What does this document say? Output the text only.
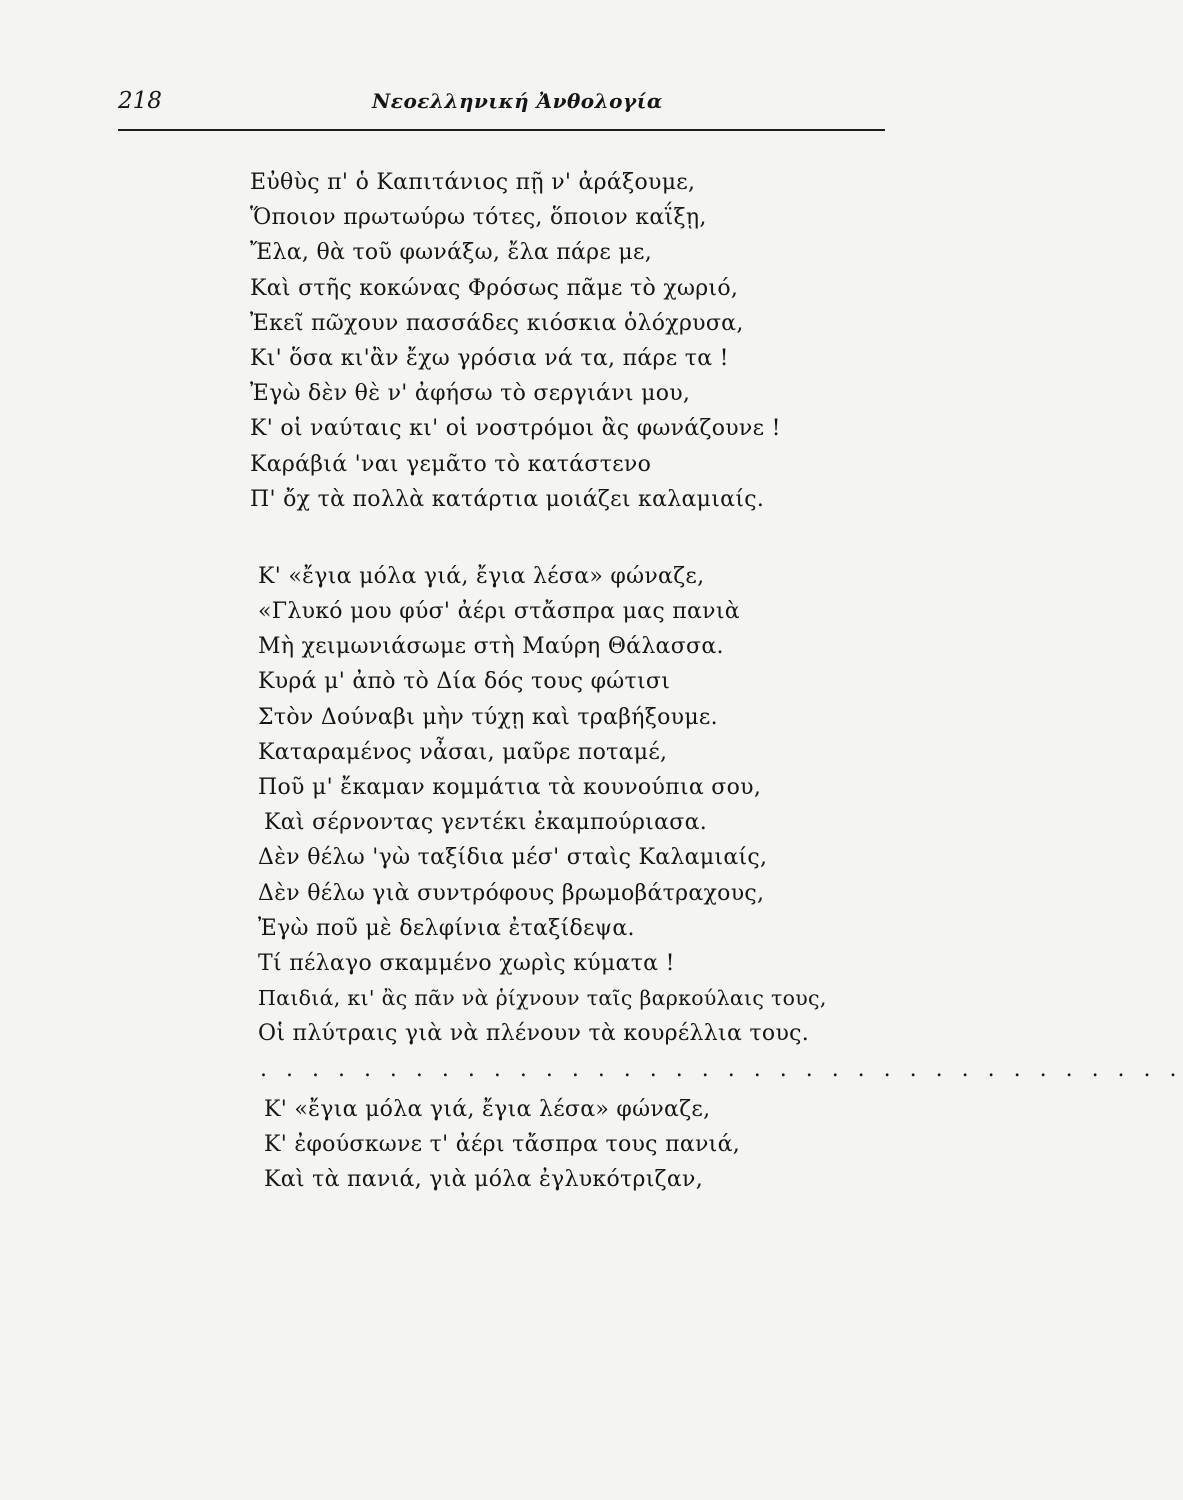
218	Νεοελληνική Ἀνθολογία
Εὐθὺς π' ὁ Καπιτάνιος πῇ ν' ἀράξουμε,
Ὅποιον πρωτωύρω τότες, ὅποιον καΐξῃ,
Ἔλα, θὰ τοῦ φωνάξω, ἔλα πάρε με,
Καὶ στῆς κοκώνας Φρόσως πᾶμε τὸ χωριό,
Ἐκεῖ πῶχουν πασσάδες κιόσκια ὁλόχρυσα,
Κι' ὅσα κι'ἂν ἔχω γρόσια νά τα, πάρε τα !
Ἐγὼ δὲν θὲ ν' ἀφήσω τὸ σεργιάνι μου,
Κ' οἱ ναύταις κι' οἱ νοστρόμοι ἂς φωνάζουνε !
Καράβιά 'ναι γεμᾶτο τὸ κατάστενο
Π' ὄχ τὰ πολλὰ κατάρτια μοιάζει καλαμιαίς.
Κ' «ἔγια μόλα γιά, ἔγια λέσα» φώναζε,
«Γλυκό μου φύσ' ἀέρι στἄσπρα μας πανιὰ
Μὴ χειμωνιάσωμε στὴ Μαύρη Θάλασσα.
Κυρά μ' ἀπὸ τὸ Δία δός τους φώτισι
Στὸν Δούναβι μὴν τύχῃ καὶ τραβήξουμε.
Καταραμένος νἆσαι, μαῦρε ποταμέ,
Ποῦ μ' ἔκαμαν κομμάτια τὰ κουνούπια σου,
Καὶ σέρνοντας γεντέκι ἐκαμπούριασα.
Δὲν θέλω 'γὼ ταξίδια μέσ' σταὶς Καλαμιαίς,
Δὲν θέλω γιὰ συντρόφους βρωμοβάτραχους,
Ἐγὼ ποῦ μὲ δελφίνια ἐταξίδεψα.
Τί πέλαγο σκαμμένο χωρὶς κύματα !
Παιδιά, κι' ἂς πᾶν νὰ ῥίχνουν ταῖς βαρκούλαις τους,
Οἱ πλύτραις γιὰ νὰ πλένουν τὰ κουρέλλια τους.
. . . . . . . . . . . . . . . . . . . . . . . . . . . . . . . . . . . .
Κ' «ἔγια μόλα γιά, ἔγια λέσα» φώναζε,
Κ' ἐφούσκωνε τ' ἀέρι τἄσπρα τους πανιά,
Καὶ τὰ πανιά, γιὰ μόλα ἐγλυκότριζαν,
